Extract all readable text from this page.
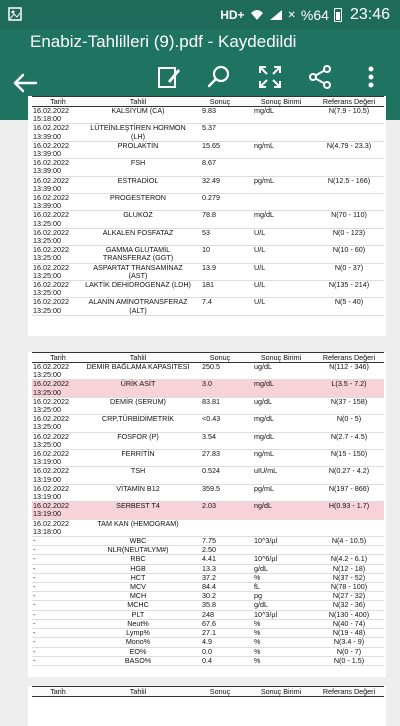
HD+	✕ %64 23:46
Enabiz-Tahlilleri (9).pdf - Kaydedildi
Tarih	Tahlil	Sonuç	Sonuç Birimi	Referans Değeri
16.02.2022 15:18:00	KALSİYUM (CA)	9.83	mg/dL	N(7.9 - 10.5)
16.02.2022 13:39:00	LÜTEİNLEŞTİREN HORMON (LH)	5.37		
16.02.2022 13:39:00	PROLAKTİN	15.65	ng/mL	N(4.79 - 23.3)
16.02.2022 13:39:00	FSH	8.67		
16.02.2022 13:39:00	ESTRADİOL	32.49	pg/mL	N(12.5 - 166)
16.02.2022 13:39:00	PROGESTERON	0.279		
16.02.2022 13:25:00	GLUKOZ	78.8	mg/dL	N(70 - 110)
16.02.2022 13:25:00	ALKALEN FOSFATAZ	53	U/L	N(0 - 123)
16.02.2022 13:25:00	GAMMA GLUTAMİL TRANSFERAZ (GGT)	10	U/L	N(10 - 60)
16.02.2022 13:25:00	ASPARTAT TRANSAMİNAZ (AST)	13.9	U/L	N(0 - 37)
16.02.2022 13:25:00	LAKTİK DEHİDROGENAZ (LDH)	181	U/L	N(135 - 214)
16.02.2022 13:25:00	ALANİN AMİNOTRANSFERAZ (ALT)	7.4	U/L	N(5 - 40)
Tarih	Tahlil	Sonuç	Sonuç Birimi	Referans Değeri
16.02.2022 13:25:00	DEMİR BAĞLAMA KAPASİTESİ	250.5	ug/dL	N(112 - 346)
16.02.2022 13:25:00	ÜRİK ASİT	3.0	mg/dL	L(3.5 - 7.2)
16.02.2022 13:25:00	DEMİR (SERUM)	83.81	ug/dL	N(37 - 158)
16.02.2022 13:25:00	CRP,TÜRBİDİMETRİK	<0.43	mg/dL	N(0 - 5)
16.02.2022 13:25:00	FOSFOR (P)	3.54	mg/dL	N(2.7 - 4.5)
16.02.2022 13:19:00	FERRİTİN	27.83	ng/mL	N(15 - 150)
16.02.2022 13:19:00	TSH	0.524	uIU/mL	N(0.27 - 4.2)
16.02.2022 13:19:00	VİTAMİN B12	359.5	pg/mL	N(197 - 866)
16.02.2022 13:19:00	SERBEST T4	2.03	ng/dL	H(0.93 - 1.7)
16.02.2022 13:18:00	TAM KAN (HEMOGRAM)			
-	WBC	7.75	10^3/µl	N(4 - 10.5)
-	NLR(NEUT#LYM#)	2.50		
-	RBC	4.41	10^6/µl	N(4.2 - 6.1)
-	HGB	13.3	g/dL	N(12 - 18)
-	HCT	37.2	%	N(37 - 52)
-	MCV	84.4	fL	N(78 - 100)
-	MCH	30.2	pg	N(27 - 32)
-	MCHC	35.8	g/dL	N(32 - 36)
-	PLT	248	10^3/µl	N(130 - 400)
-	Neut%	67.6	%	N(40 - 74)
-	Lymp%	27.1	%	N(19 - 48)
-	Mono%	4.9	%	N(3.4 - 9)
-	EO%	0.0	%	N(0 - 7)
-	BASO%	0.4	%	N(0 - 1.5)
Tarih	Tahlil	Sonuç	Sonuç Birimi	Referans Değeri
